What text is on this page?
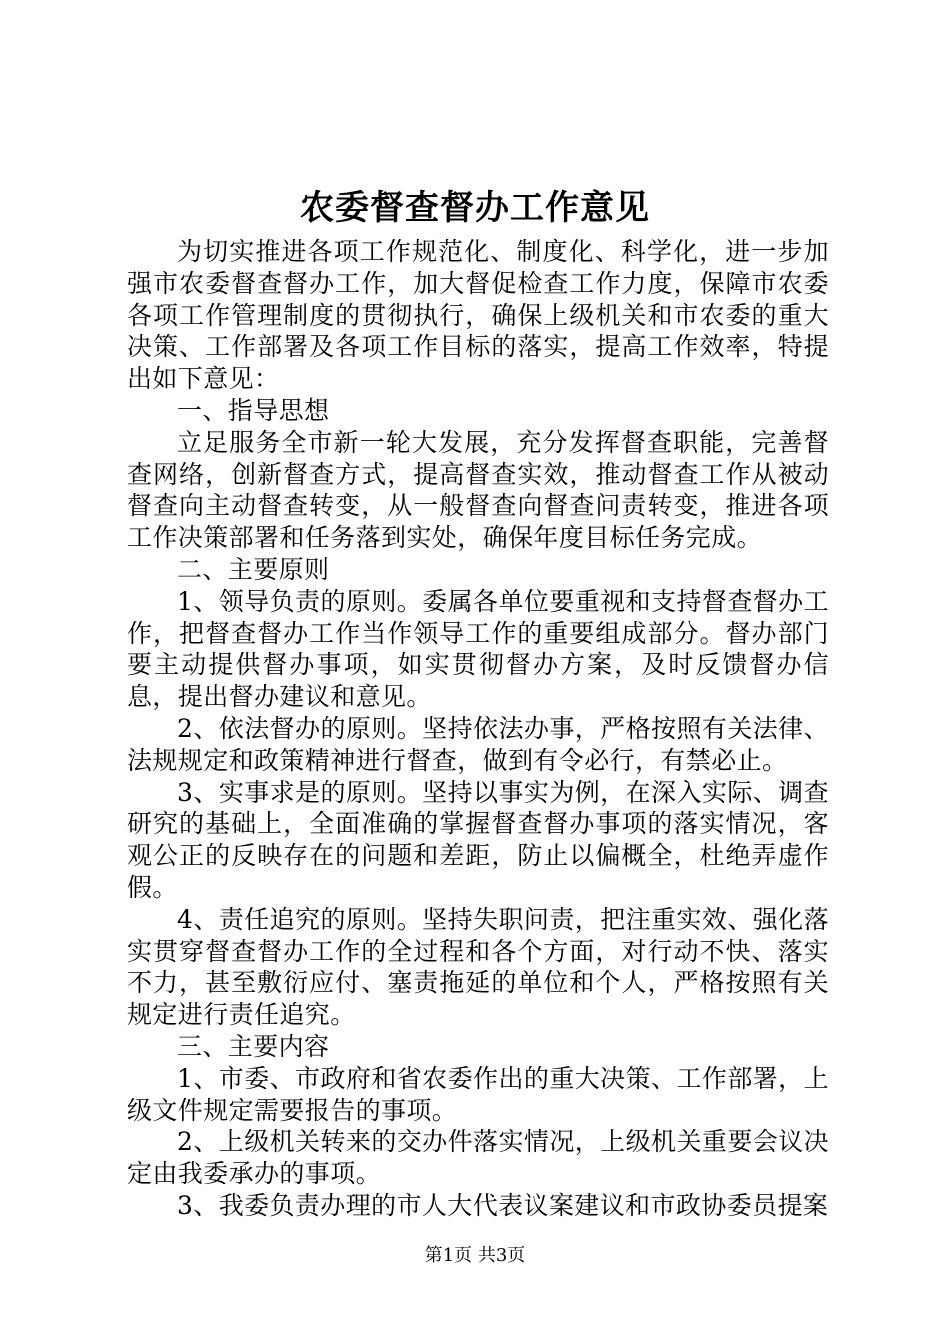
农委督查督办工作意见

为切实推进各项工作规范化、制度化、科学化，进一步加强市农委督查督办工作，加大督促检查工作力度，保障市农委各项工作管理制度的贯彻执行，确保上级机关和市农委的重大决策、工作部署及各项工作目标的落实，提高工作效率，特提出如下意见：

一、指导思想

立足服务全市新一轮大发展，充分发挥督查职能，完善督查网络，创新督查方式，提高督查实效，推动督查工作从被动督查向主动督查转变，从一般督查向督查问责转变，推进各项工作决策部署和任务落到实处，确保年度目标任务完成。

二、主要原则

1、领导负责的原则。委属各单位要重视和支持督查督办工作，把督查督办工作当作领导工作的重要组成部分。督办部门要主动提供督办事项，如实贯彻督办方案，及时反馈督办信息，提出督办建议和意见。

2、依法督办的原则。坚持依法办事，严格按照有关法律、法规规定和政策精神进行督查，做到有令必行，有禁必止。

3、实事求是的原则。坚持以事实为例，在深入实际、调查研究的基础上，全面准确的掌握督查督办事项的落实情况，客观公正的反映存在的问题和差距，防止以偏概全，杜绝弄虚作假。

4、责任追究的原则。坚持失职问责，把注重实效、强化落实贯穿督查督办工作的全过程和各个方面，对行动不快、落实不力，甚至敷衍应付、塞责拖延的单位和个人，严格按照有关规定进行责任追究。

三、主要内容

1、市委、市政府和省农委作出的重大决策、工作部署，上级文件规定需要报告的事项。

2、上级机关转来的交办件落实情况，上级机关重要会议决定由我委承办的事项。

3、我委负责办理的市人大代表议案建议和市政协委员提案

第1页 共3页
